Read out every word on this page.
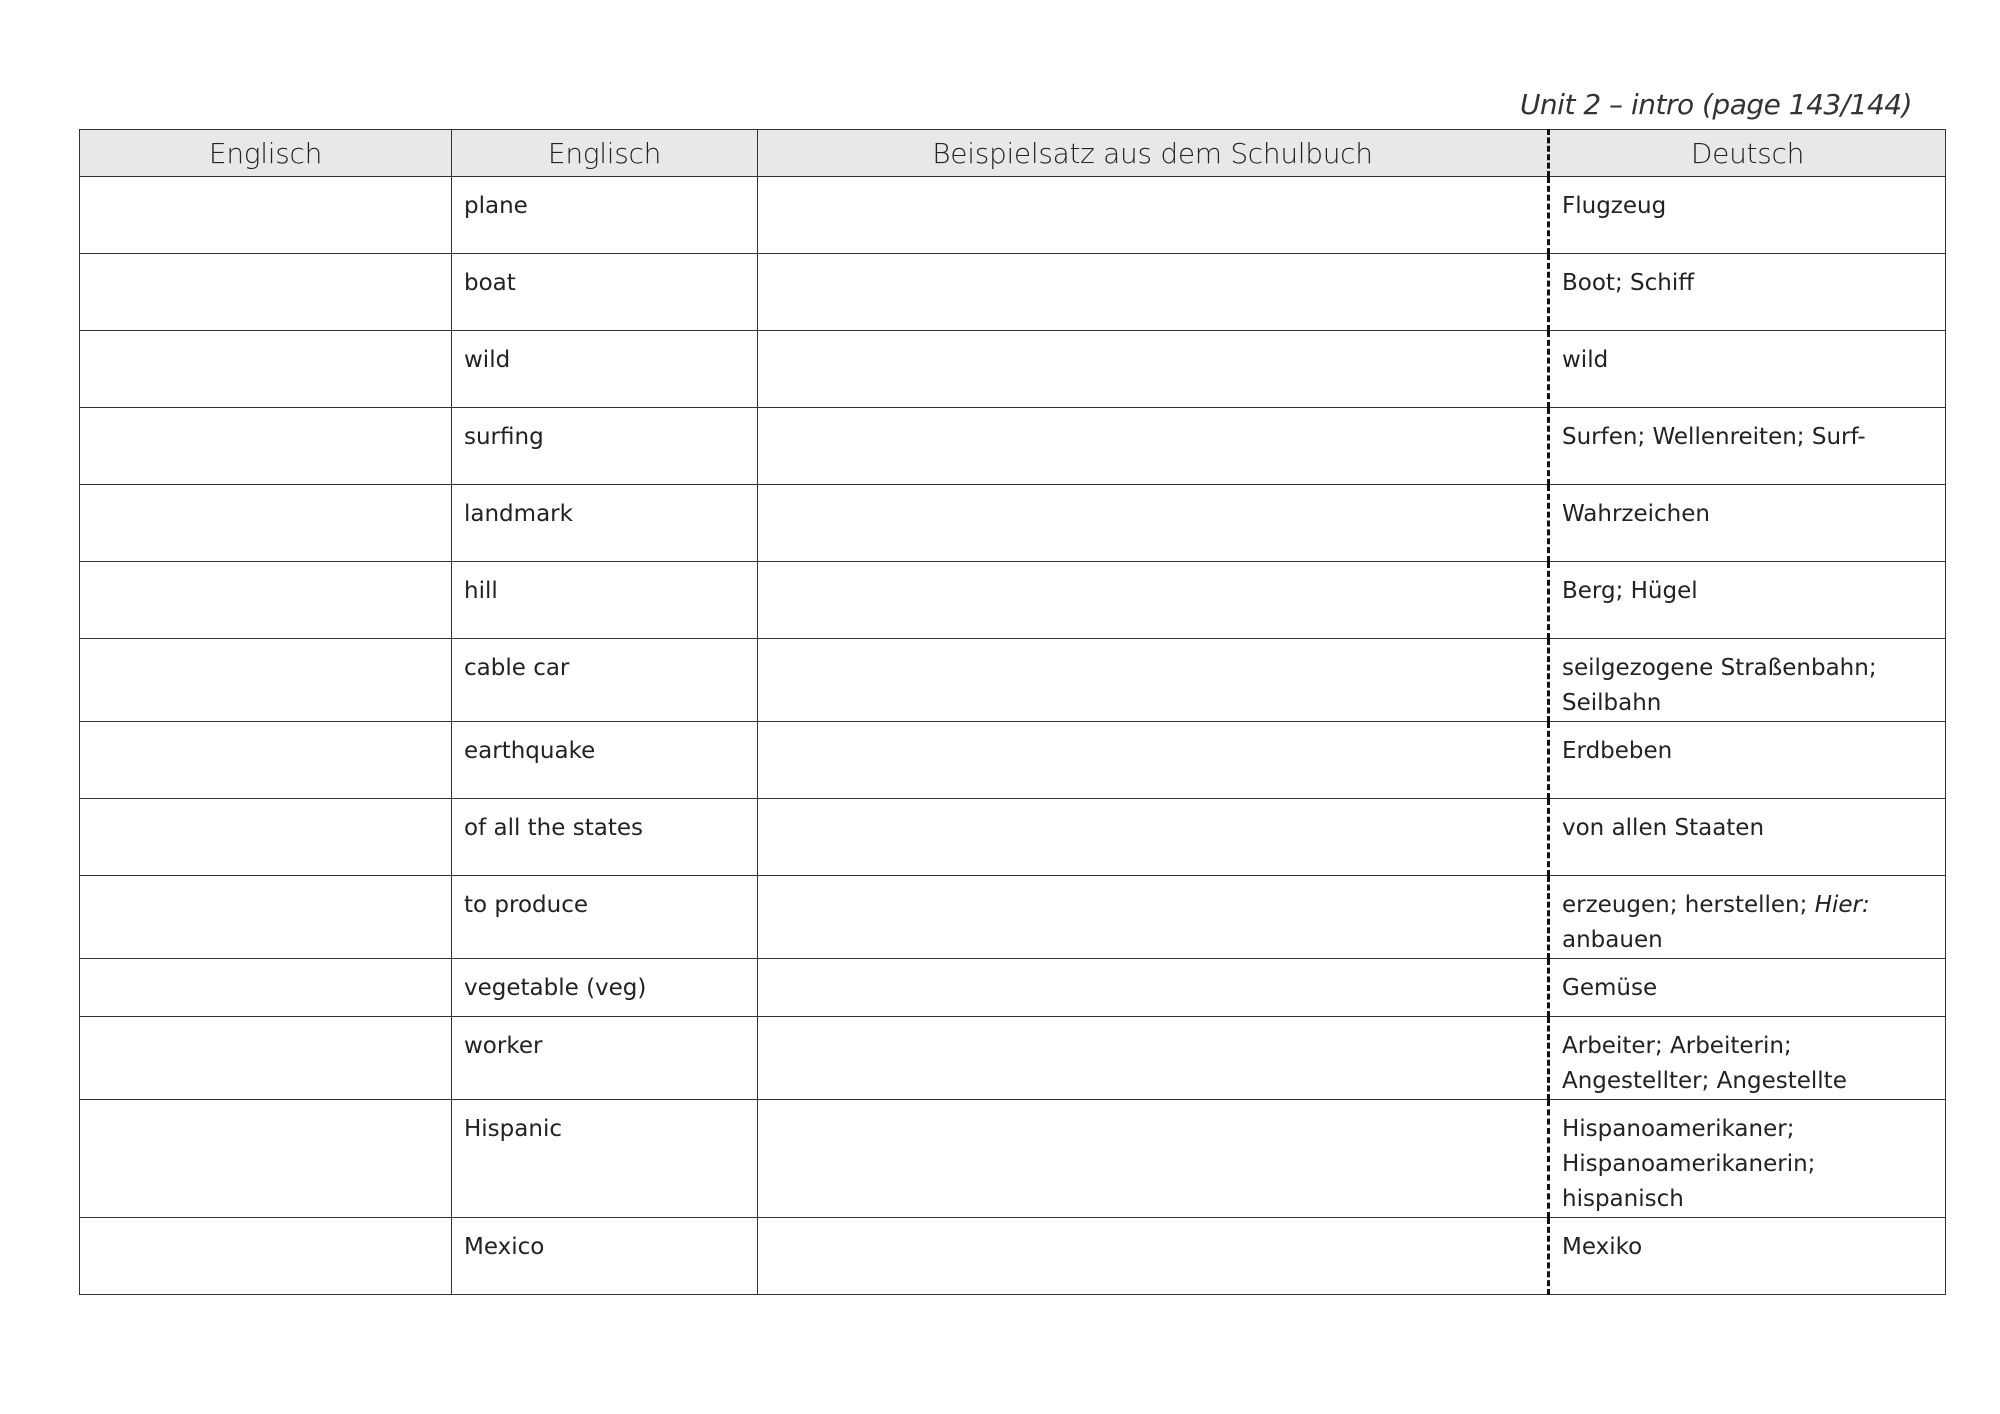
Unit 2 – intro (page 143/144)
Englisch	Englisch	Beispielsatz aus dem Schulbuch	Deutsch
	plane		Flugzeug
	boat		Boot; Schiff
	wild		wild
	surfing		Surfen; Wellenreiten; Surf-
	landmark		Wahrzeichen
	hill		Berg; Hügel
	cable car		seilgezogene Straßenbahn; Seilbahn
	earthquake		Erdbeben
	of all the states		von allen Staaten
	to produce		erzeugen; herstellen; Hier: anbauen
	vegetable (veg)		Gemüse
	worker		Arbeiter; Arbeiterin; Angestellter; Angestellte
	Hispanic		Hispanoamerikaner; Hispanoamerikanerin; hispanisch
	Mexico		Mexiko
